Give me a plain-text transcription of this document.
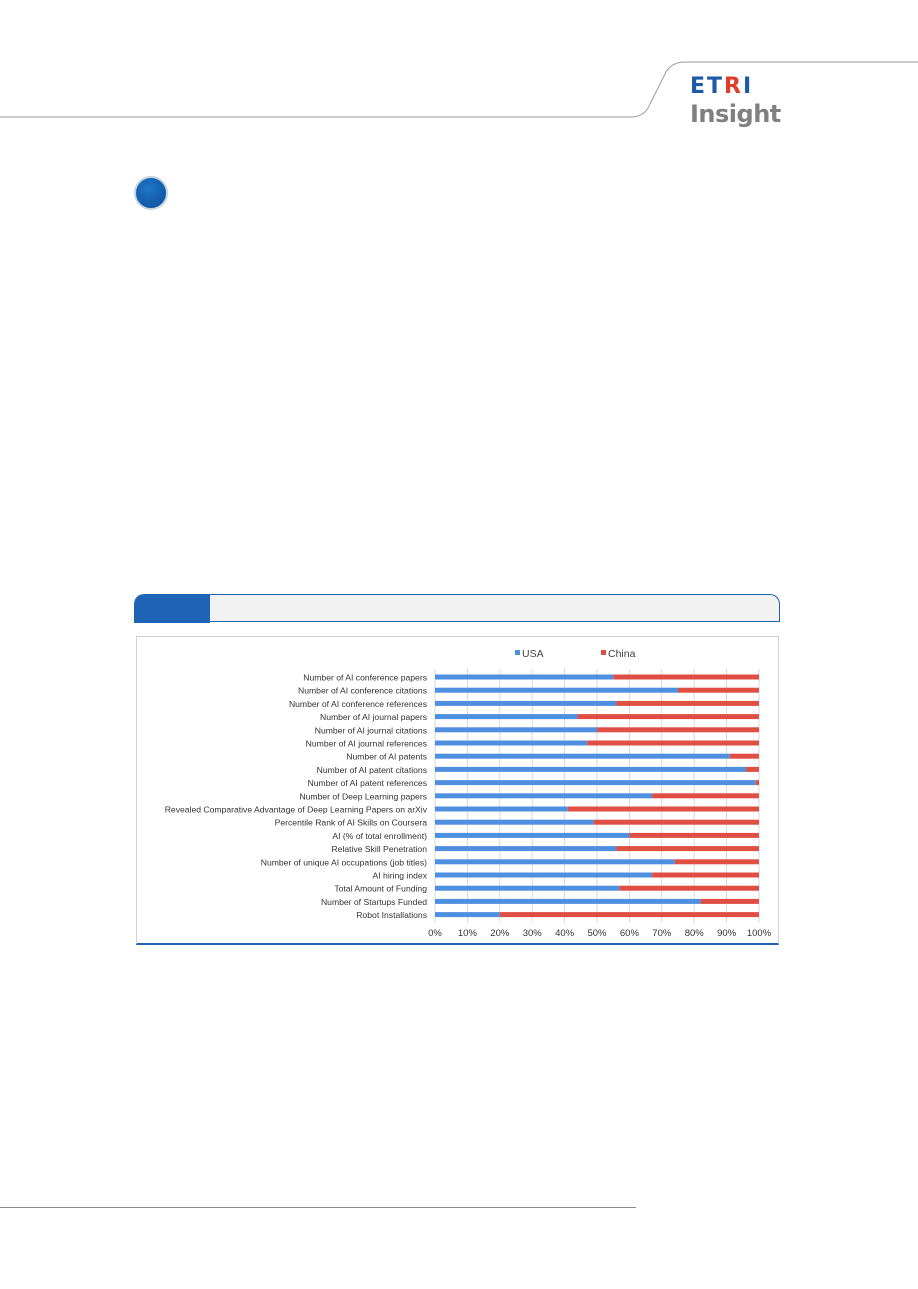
ETRI
Insight
USA	China
Number of AI conference papers
Number of AI conference citations
Number of AI conference references
Number of AI journal papers
Number of AI journal citations
Number of AI journal references
Number of AI patents
Number of AI patent citations
Number of AI patent references
Number of Deep Learning papers
Revealed Comparative Advantage of Deep Learning Papers on arXiv
Percentile Rank of AI Skills on Coursera
AI (% of total enrollment)
Relative Skill Penetration
Number of unique AI occupations (job titles)
AI hiring index
Total Amount of Funding
Number of Startups Funded
Robot Installations
0% 10% 20% 30% 40% 50% 60% 70% 80% 90% 100%
